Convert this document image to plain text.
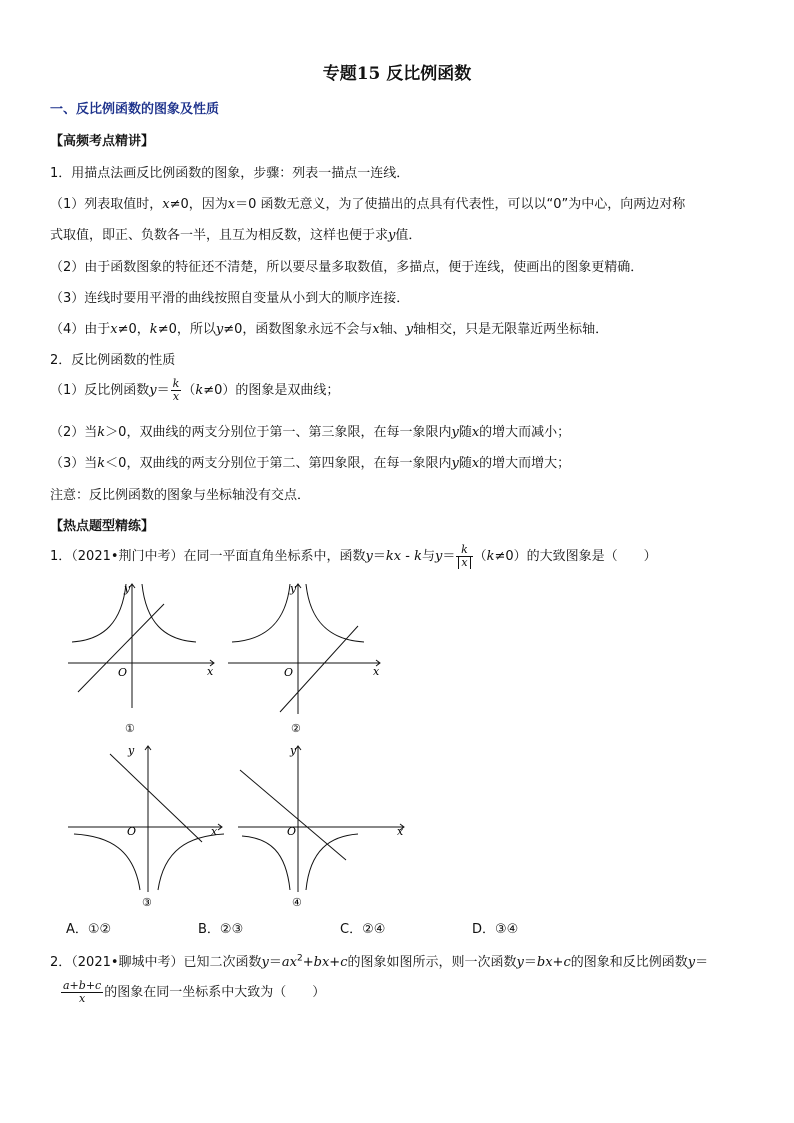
专题15 反比例函数
一、反比例函数的图象及性质
【高频考点精讲】
1．用描点法画反比例函数的图象，步骤：列表一描点一连线．
（1）列表取值时，x≠0，因为x＝0 函数无意义，为了使描出的点具有代表性，可以以“0”为中心，向两边对称
式取值，即正、负数各一半，且互为相反数，这样也便于求y值．
（2）由于函数图象的特征还不清楚，所以要尽量多取数值，多描点，便于连线，使画出的图象更精确．
（3）连线时要用平滑的曲线按照自变量从小到大的顺序连接．
（4）由于x≠0，k≠0，所以y≠0，函数图象永远不会与x轴、y轴相交，只是无限靠近两坐标轴．
2．反比例函数的性质
（1）反比例函数$y= \frac{k}{x} (k\ne 0)$的图象是双曲线；
（2）当k＞0，双曲线的两支分别位于第一、第三象限，在每一象限内y随x的增大而减小；
（3）当k＜0，双曲线的两支分别位于第二、第四象限，在每一象限内y随x的增大而增大；
注意：反比例函数的图象与坐标轴没有交点．
【热点题型精练】
1．（2021•荆门中考）在同一平面直角坐标系中，函数y＝kx - k与$y= \frac{k}{x} (k\ne 0)$的大致图象是（　　）
y
x
O
①
y
x
O
②
y
x
O
③
y
x
O
④
A．①②	B．②③	C．②④	D．③④
2．（2021•聊城中考）已知二次函数$y=ax^2+bx+c$的图象如图所示，则一次函数y＝bx+c的图象和反比例函数y＝
$\frac{a+b+c}{x}$ 的图象在同一坐标系中大致为（　　）
